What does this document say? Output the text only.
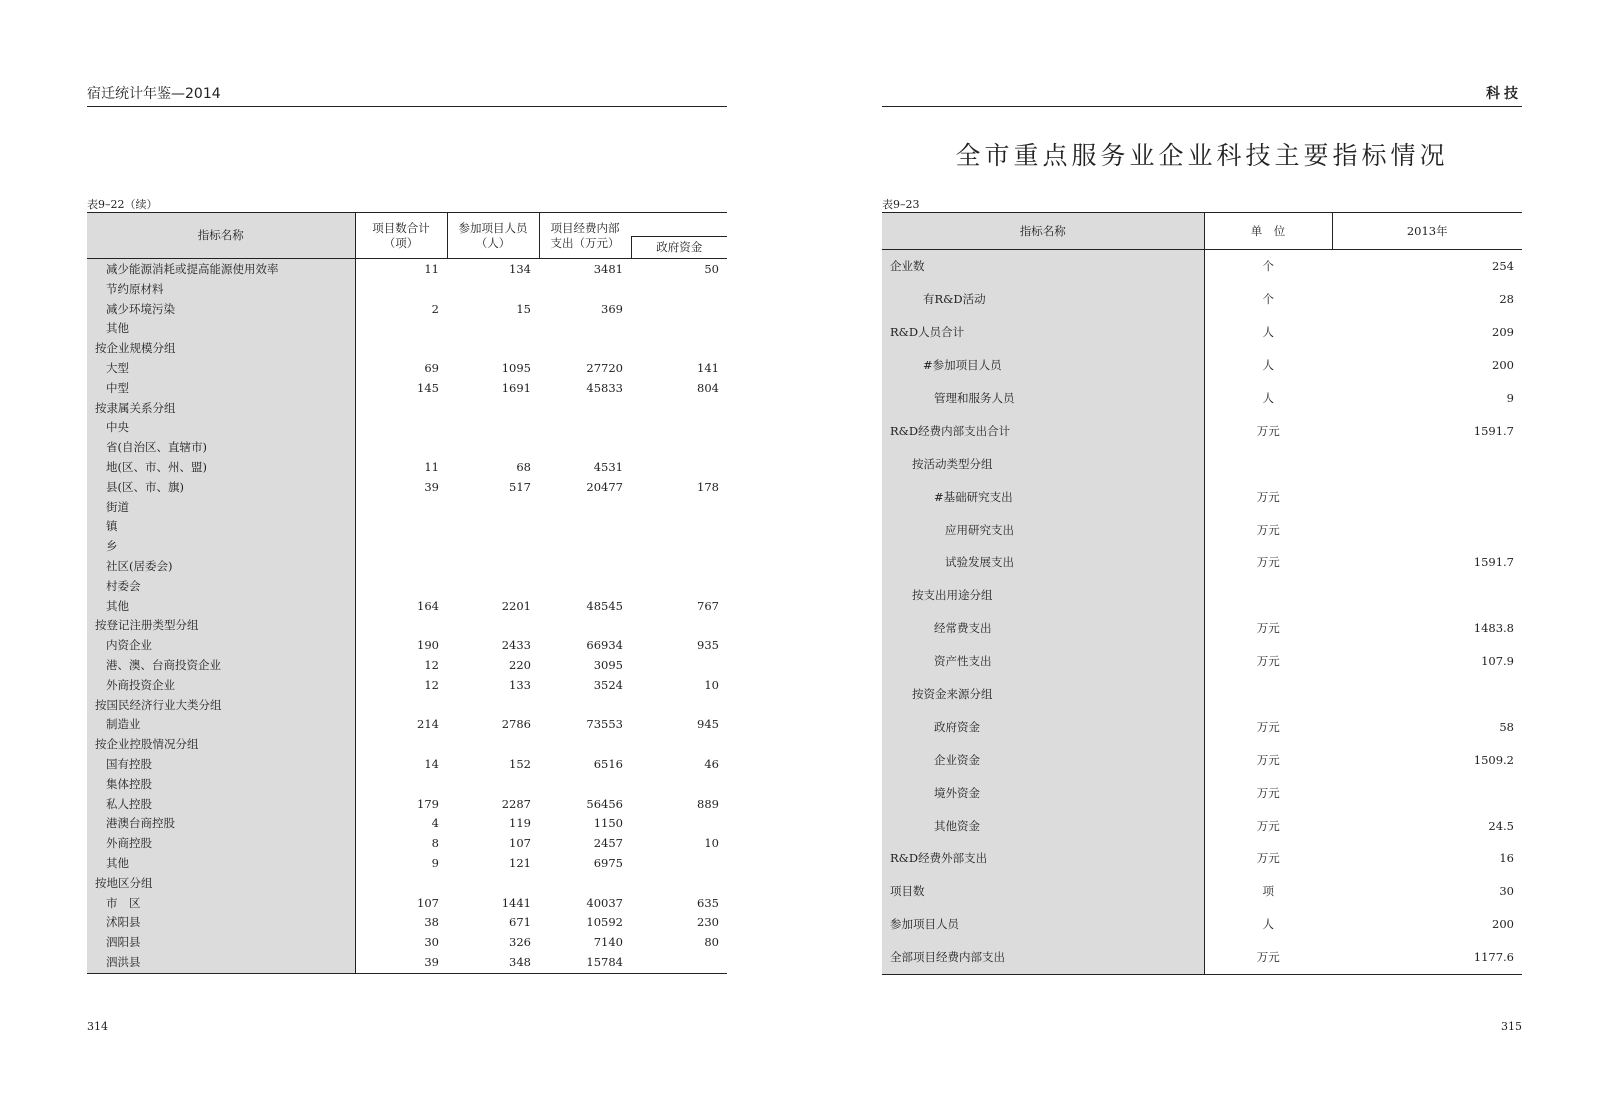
宿迁统计年鉴—2014
表9–22（续）
指标名称	项目数合计（项）	参加项目人员（人）	项目经费内部支出（万元）	
				政府资金
减少能源消耗或提高能源使用效率	11	134	3481	50
节约原材料				
减少环境污染	2	15	369	
其他				
按企业规模分组				
大型	69	1095	27720	141
中型	145	1691	45833	804
按隶属关系分组				
中央				
省(自治区、直辖市)				
地(区、市、州、盟)	11	68	4531	
县(区、市、旗)	39	517	20477	178
街道				
镇				
乡				
社区(居委会)				
村委会				
其他	164	2201	48545	767
按登记注册类型分组				
内资企业	190	2433	66934	935
港、澳、台商投资企业	12	220	3095	
外商投资企业	12	133	3524	10
按国民经济行业大类分组				
制造业	214	2786	73553	945
按企业控股情况分组				
国有控股	14	152	6516	46
集体控股				
私人控股	179	2287	56456	889
港澳台商控股	4	119	1150	
外商控股	8	107	2457	10
其他	9	121	6975	
按地区分组				
市　区	107	1441	40037	635
沭阳县	38	671	10592	230
泗阳县	30	326	7140	80
泗洪县	39	348	15784	
314
科技
全市重点服务业企业科技主要指标情况
表9–23
指标名称	单　位	2013年
企业数	个	254
有R&D活动	个	28
R&D人员合计	人	209
#参加项目人员	人	200
管理和服务人员	人	9
R&D经费内部支出合计	万元	1591.7
按活动类型分组		
#基础研究支出	万元	
应用研究支出	万元	
试验发展支出	万元	1591.7
按支出用途分组		
经常费支出	万元	1483.8
资产性支出	万元	107.9
按资金来源分组		
政府资金	万元	58
企业资金	万元	1509.2
境外资金	万元	
其他资金	万元	24.5
R&D经费外部支出	万元	16
项目数	项	30
参加项目人员	人	200
全部项目经费内部支出	万元	1177.6
315
